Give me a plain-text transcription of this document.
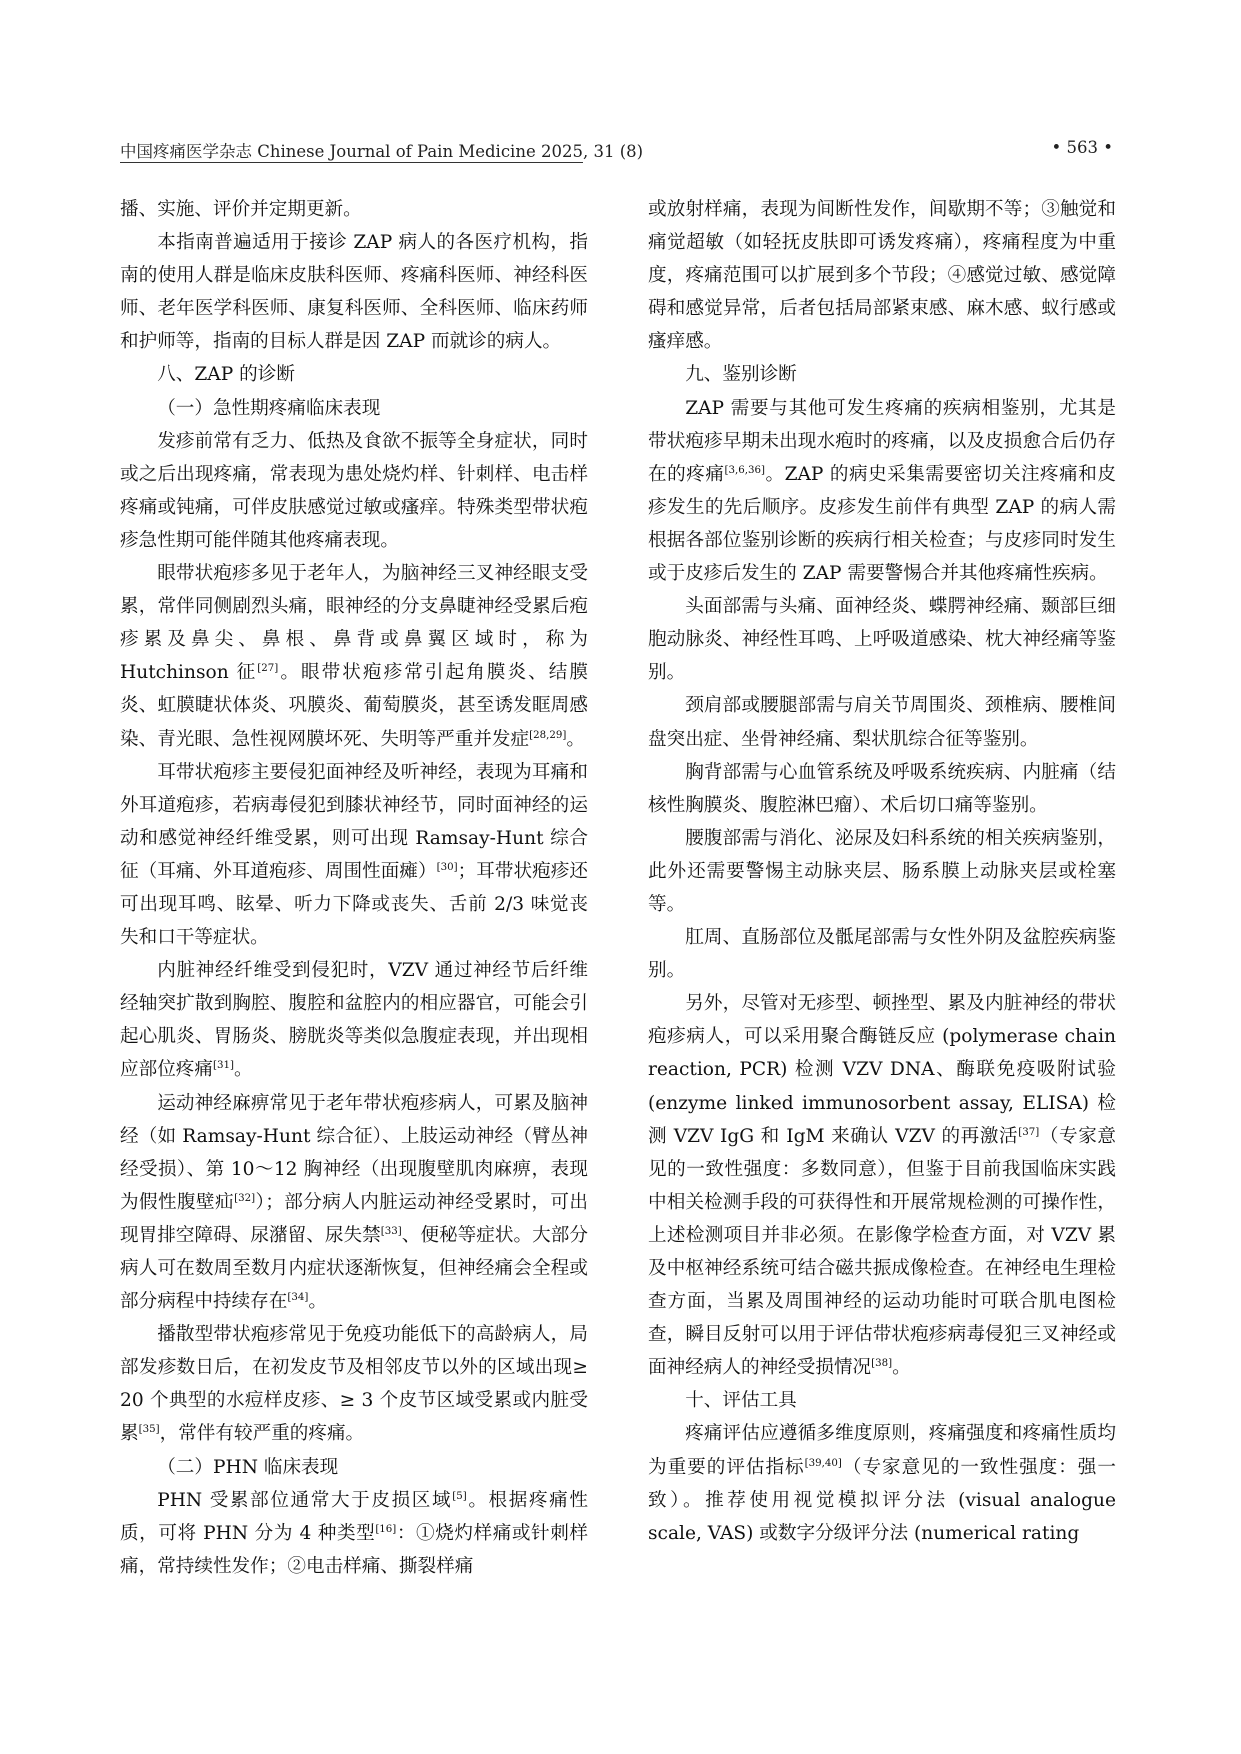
中国疼痛医学杂志 Chinese Journal of Pain Medicine 2025, 31 (8)	• 563 •

播、实施、评价并定期更新。

本指南普遍适用于接诊 ZAP 病人的各医疗机构，指南的使用人群是临床皮肤科医师、疼痛科医师、神经科医师、老年医学科医师、康复科医师、全科医师、临床药师和护师等，指南的目标人群是因 ZAP 而就诊的病人。

八、ZAP 的诊断

（一）急性期疼痛临床表现

发疹前常有乏力、低热及食欲不振等全身症状，同时或之后出现疼痛，常表现为患处烧灼样、针刺样、电击样疼痛或钝痛，可伴皮肤感觉过敏或瘙痒。特殊类型带状疱疹急性期可能伴随其他疼痛表现。

眼带状疱疹多见于老年人，为脑神经三叉神经眼支受累，常伴同侧剧烈头痛，眼神经的分支鼻睫神经受累后疱疹累及鼻尖、鼻根、鼻背或鼻翼区域时，称为 Hutchinson 征[27]。眼带状疱疹常引起角膜炎、结膜炎、虹膜睫状体炎、巩膜炎、葡萄膜炎，甚至诱发眶周感染、青光眼、急性视网膜坏死、失明等严重并发症[28,29]。

耳带状疱疹主要侵犯面神经及听神经，表现为耳痛和外耳道疱疹，若病毒侵犯到膝状神经节，同时面神经的运动和感觉神经纤维受累，则可出现 Ramsay-Hunt 综合征（耳痛、外耳道疱疹、周围性面瘫）[30]；耳带状疱疹还可出现耳鸣、眩晕、听力下降或丧失、舌前 2/3 味觉丧失和口干等症状。

内脏神经纤维受到侵犯时，VZV 通过神经节后纤维经轴突扩散到胸腔、腹腔和盆腔内的相应器官，可能会引起心肌炎、胃肠炎、膀胱炎等类似急腹症表现，并出现相应部位疼痛[31]。

运动神经麻痹常见于老年带状疱疹病人，可累及脑神经（如 Ramsay-Hunt 综合征）、上肢运动神经（臂丛神经受损）、第 10～12 胸神经（出现腹壁肌肉麻痹，表现为假性腹壁疝[32]）；部分病人内脏运动神经受累时，可出现胃排空障碍、尿潴留、尿失禁[33]、便秘等症状。大部分病人可在数周至数月内症状逐渐恢复，但神经痛会全程或部分病程中持续存在[34]。

播散型带状疱疹常见于免疫功能低下的高龄病人，局部发疹数日后，在初发皮节及相邻皮节以外的区域出现≥ 20 个典型的水痘样皮疹、≥ 3 个皮节区域受累或内脏受累[35]，常伴有较严重的疼痛。

（二）PHN 临床表现

PHN 受累部位通常大于皮损区域[5]。根据疼痛性质，可将 PHN 分为 4 种类型[16]：①烧灼样痛或针刺样痛，常持续性发作；②电击样痛、撕裂样痛

或放射样痛，表现为间断性发作，间歇期不等；③触觉和痛觉超敏（如轻抚皮肤即可诱发疼痛），疼痛程度为中重度，疼痛范围可以扩展到多个节段；④感觉过敏、感觉障碍和感觉异常，后者包括局部紧束感、麻木感、蚁行感或瘙痒感。

九、鉴别诊断

ZAP 需要与其他可发生疼痛的疾病相鉴别，尤其是带状疱疹早期未出现水疱时的疼痛，以及皮损愈合后仍存在的疼痛[3,6,36]。ZAP 的病史采集需要密切关注疼痛和皮疹发生的先后顺序。皮疹发生前伴有典型 ZAP 的病人需根据各部位鉴别诊断的疾病行相关检查；与皮疹同时发生或于皮疹后发生的 ZAP 需要警惕合并其他疼痛性疾病。

头面部需与头痛、面神经炎、蝶腭神经痛、颞部巨细胞动脉炎、神经性耳鸣、上呼吸道感染、枕大神经痛等鉴别。

颈肩部或腰腿部需与肩关节周围炎、颈椎病、腰椎间盘突出症、坐骨神经痛、梨状肌综合征等鉴别。

胸背部需与心血管系统及呼吸系统疾病、内脏痛（结核性胸膜炎、腹腔淋巴瘤）、术后切口痛等鉴别。

腰腹部需与消化、泌尿及妇科系统的相关疾病鉴别，此外还需要警惕主动脉夹层、肠系膜上动脉夹层或栓塞等。

肛周、直肠部位及骶尾部需与女性外阴及盆腔疾病鉴别。

另外，尽管对无疹型、顿挫型、累及内脏神经的带状疱疹病人，可以采用聚合酶链反应 (polymerase chain reaction, PCR) 检测 VZV DNA、酶联免疫吸附试验 (enzyme linked immunosorbent assay, ELISA) 检测 VZV IgG 和 IgM 来确认 VZV 的再激活[37]（专家意见的一致性强度：多数同意），但鉴于目前我国临床实践中相关检测手段的可获得性和开展常规检测的可操作性，上述检测项目并非必须。在影像学检查方面，对 VZV 累及中枢神经系统可结合磁共振成像检查。在神经电生理检查方面，当累及周围神经的运动功能时可联合肌电图检查，瞬目反射可以用于评估带状疱疹病毒侵犯三叉神经或面神经病人的神经受损情况[38]。

十、评估工具

疼痛评估应遵循多维度原则，疼痛强度和疼痛性质均为重要的评估指标[39,40]（专家意见的一致性强度：强一致）。推荐使用视觉模拟评分法 (visual analogue scale, VAS) 或数字分级评分法 (numerical rating
